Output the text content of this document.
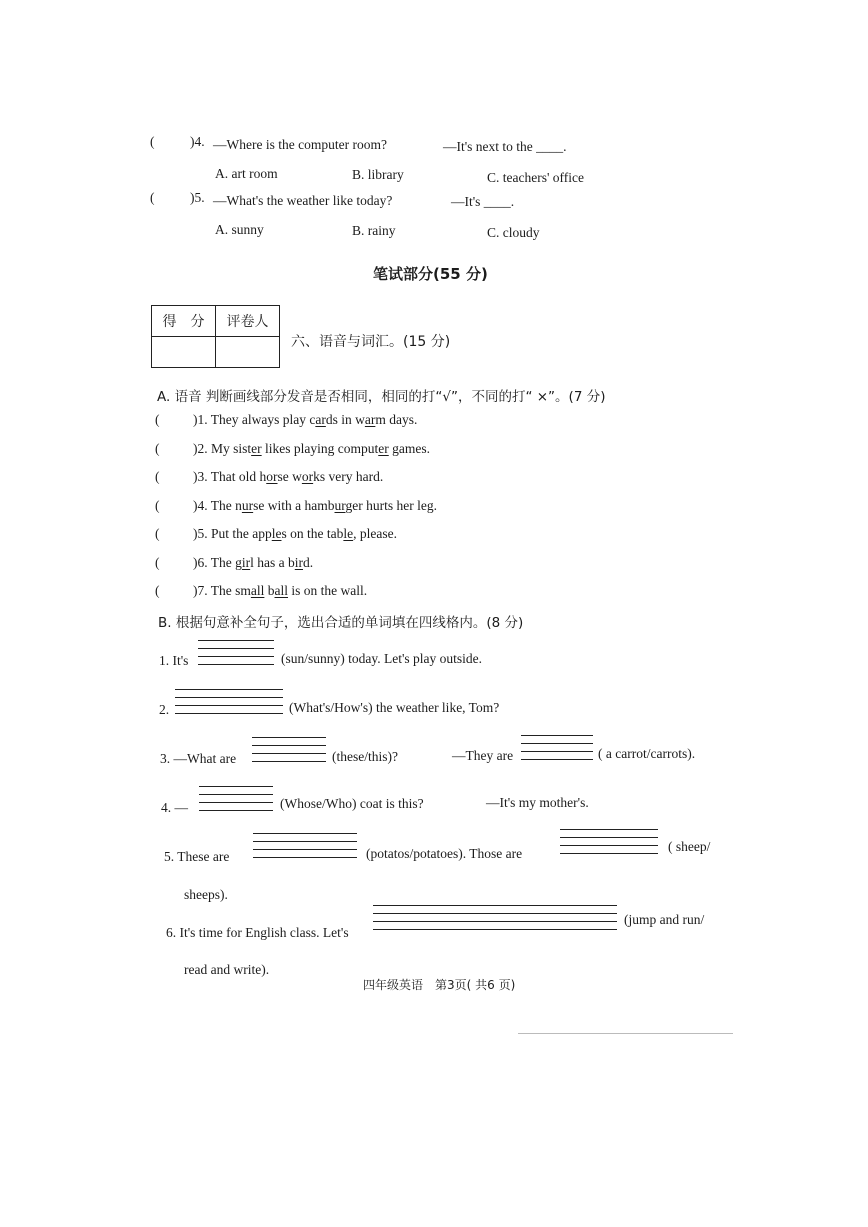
(	)4. —Where is the computer room?	—It's next to the ____.
A. art room	B. library	C. teachers' office
(	)5. —What's the weather like today?	—It's ____.
A. sunny	B. rainy	C. cloudy
笔试部分(55 分)
得　分	评卷人

六、语音与词汇。(15 分)
A. 语音 判断画线部分发音是否相同，相同的打“√”，不同的打“ ×”。(7 分)
( )1. They always play cards in warm days.
( )2. My sister likes playing computer games.
( )3. That old horse works very hard.
( )4. The nurse with a hamburger hurts her leg.
( )5. Put the apples on the table, please.
( )6. The girl has a bird.
( )7. The small ball is on the wall.
B. 根据句意补全句子，选出合适的单词填在四线格内。(8 分)
1. It's	(sun/sunny) today. Let's play outside.
2.	(What's/How's) the weather like, Tom?
3. —What are	(these/this)?	—They are	( a carrot/carrots).
4. —	(Whose/Who) coat is this?	—It's my mother's.
5. These are	(potatos/potatoes). Those are	( sheep/
sheeps).
6. It's time for English class. Let's
(jump and run/
read and write).
四年级英语　第3页( 共6 页)
